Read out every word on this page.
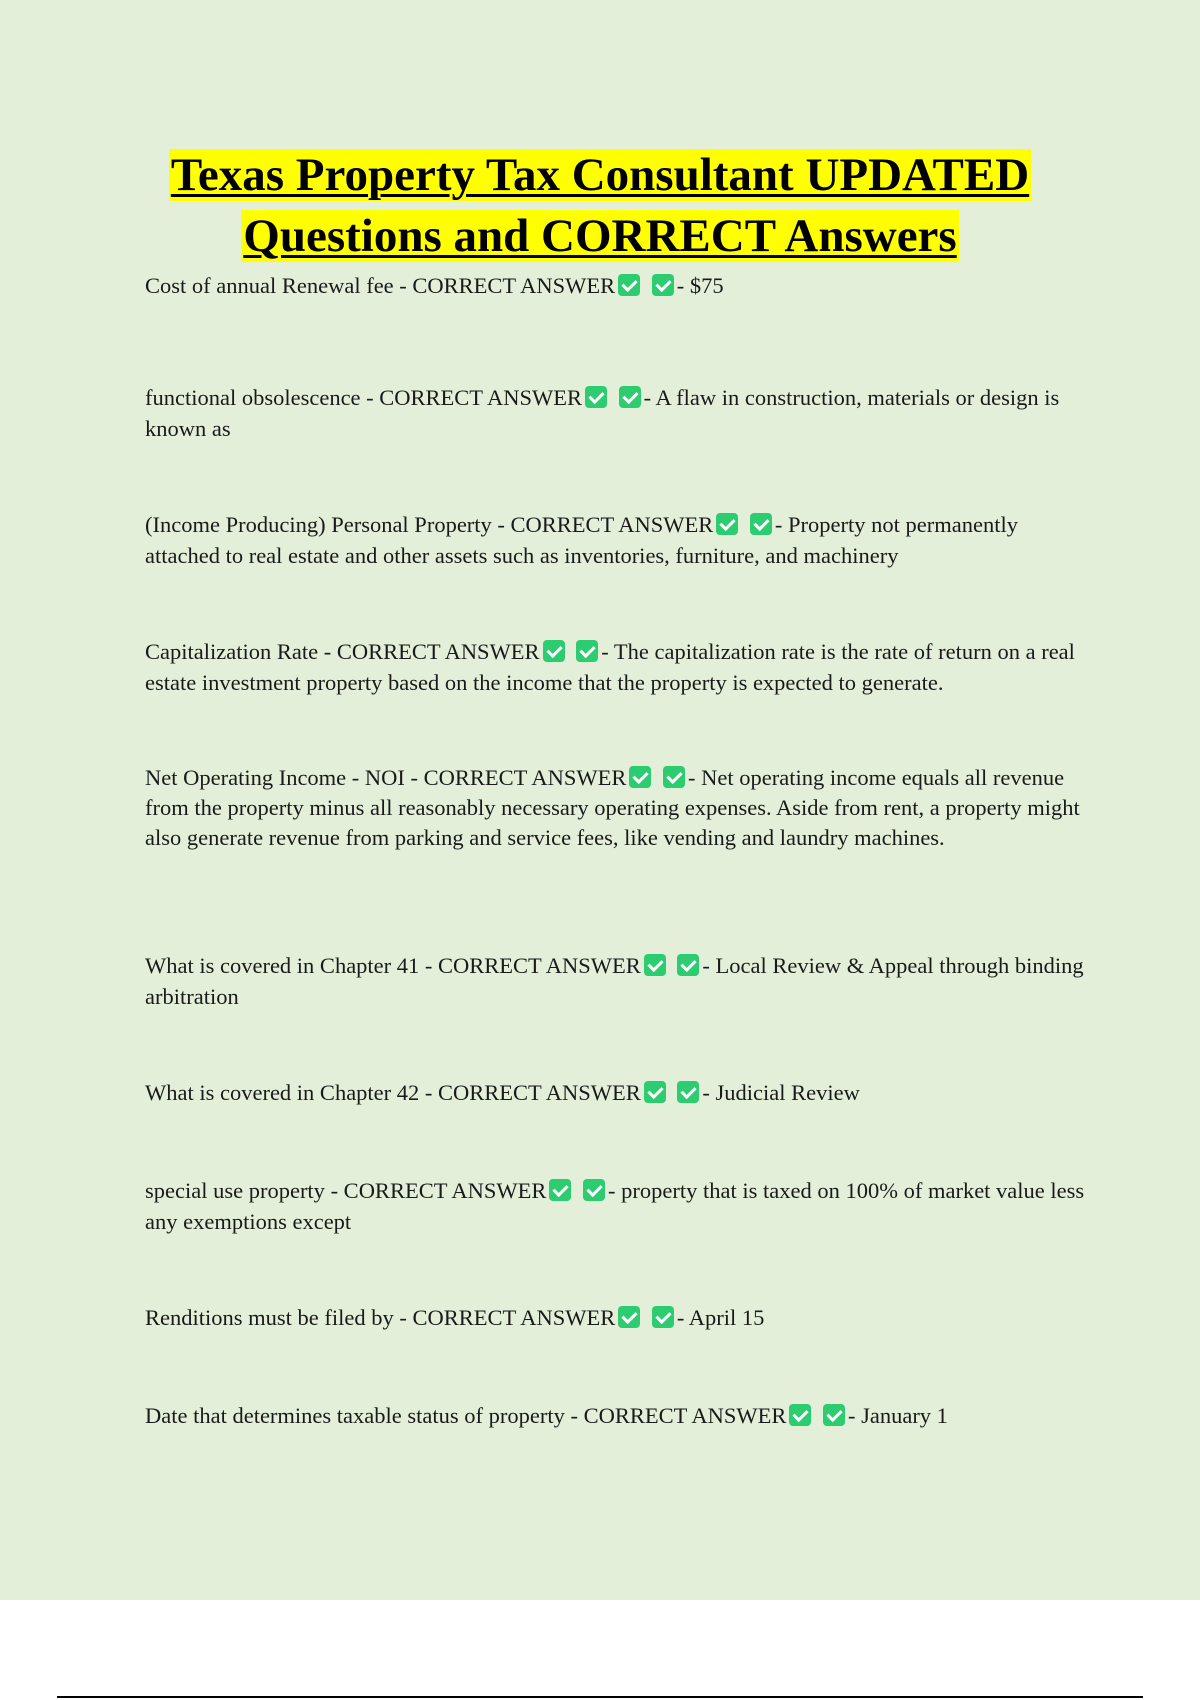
Texas Property Tax Consultant UPDATED
Questions and CORRECT Answers

Cost of annual Renewal fee - CORRECT ANSWER	- $75

functional obsolescence - CORRECT ANSWER	- A flaw in construction, materials or design is known as

(Income Producing) Personal Property - CORRECT ANSWER	- Property not permanently attached to real estate and other assets such as inventories, furniture, and machinery

Capitalization Rate - CORRECT ANSWER	- The capitalization rate is the rate of return on a real estate investment property based on the income that the property is expected to generate.

Net Operating Income - NOI - CORRECT ANSWER	- Net operating income equals all revenue from the property minus all reasonably necessary operating expenses. Aside from rent, a property might also generate revenue from parking and service fees, like vending and laundry machines.

What is covered in Chapter 41 - CORRECT ANSWER	- Local Review & Appeal through binding arbitration

What is covered in Chapter 42 - CORRECT ANSWER	- Judicial Review

special use property - CORRECT ANSWER	- property that is taxed on 100% of market value less any exemptions except

Renditions must be filed by - CORRECT ANSWER	- April 15

Date that determines taxable status of property - CORRECT ANSWER	- January 1
